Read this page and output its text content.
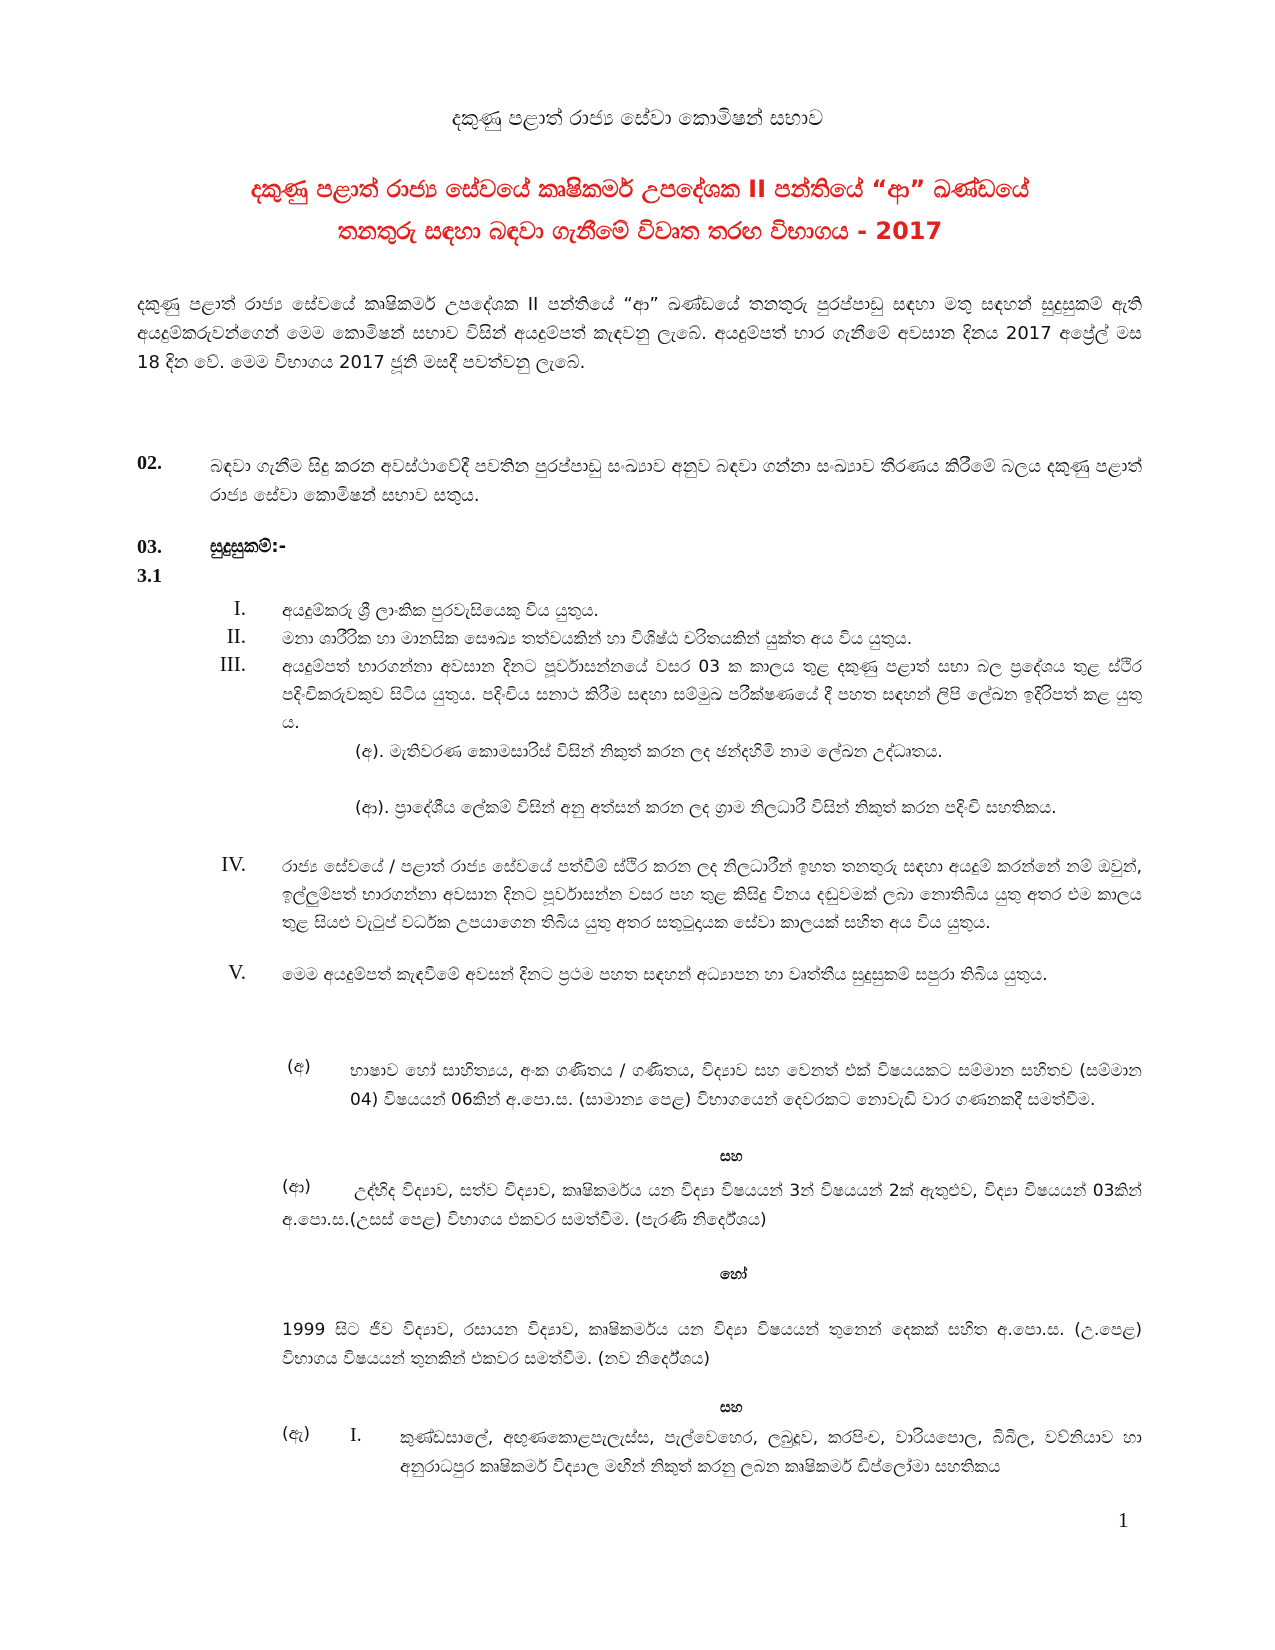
දකුණු පළාත් රාජ්‍ය සේවා කොමිෂන් සභාව
දකුණු පළාත් රාජ්‍ය සේවයේ කෘෂිකර්ම උපදේශක II පන්තියේ “ආ” ඛණ්ඩයේ
තනතුරු සඳහා බඳවා ගැනීමේ විවෘත තරඟ විභාගය - 2017
දකුණු පළාත් රාජ්‍ය සේවයේ කෘෂිකර්ම උපදේශක II පන්තියේ “ආ” ඛණ්ඩයේ තනතුරු පුරප්පාඩු සඳහා මතු සඳහන් සුදුසුකම් ඇති අයදුම්කරුවන්ගෙන් මෙම කොමිෂන් සභාව විසින් අයදුම්පත් කැඳවනු ලැබේ. අයදුම්පත් භාර ගැනීමේ අවසාන දිනය 2017 අප්‍රේල් මස 18 දින වේ. මෙම විභාගය 2017 ජූනි මසදී පවත්වනු ලැබේ.
02.	බඳවා ගැනීම සිදු කරන අවස්ථාවේදී පවතින පුරප්පාඩු සංඛ්‍යාව අනුව බඳවා ගන්නා සංඛ්‍යාව තීරණය කිරීමේ බලය දකුණු පළාත් රාජ්‍ය සේවා කොමිෂන් සභාව සතුය.
03.	සුදුසුකම්:-
3.1
I. අයදුම්කරු ශ්‍රී ලාංකික පුරවැසියෙකු විය යුතුය.
II. මනා ශාරීරික හා මානසික සෞඛ්‍ය තත්වයකින් හා විශිෂ්ඨ චරිතයකින් යුක්ත අය විය යුතුය.
III. අයදුම්පත් භාරගන්නා අවසාන දිනට පූර්වාසන්නයේ වසර 03 ක කාලය තුළ දකුණු පළාත් සභා බල ප්‍රදේශය තුළ ස්ථිර පදිංචිකරුවකුව සිටිය යුතුය. පදිංචිය සනාථ කිරීම සඳහා සම්මුඛ පරීක්ෂණයේ දී පහත සඳහන් ලිපි ලේඛන ඉදිරිපත් කළ යුතු ය.
(අ). මැතිවරණ කොමසාරිස් විසින් නිකුත් කරන ලද ඡන්දහිමි නාම ලේඛන උද්ධෘතය.
(ආ). ප්‍රාදේශීය ලේකම් විසින් අනු අත්සන් කරන ලද ග්‍රාම නිලධාරී විසින් නිකුත් කරන පදිංචි සහතිකය.
IV. රාජ්‍ය සේවයේ / පළාත් රාජ්‍ය සේවයේ පත්වීම් ස්ථිර කරන ලද නිලධාරීන් ඉහත තනතුරු සඳහා අයදුම් කරන්නේ නම් ඔවුන්, ඉල්ලුම්පත් භාරගන්නා අවසාන දිනට පූර්වාසන්න වසර පහ තුළ කිසිදු විනය දඬුවමක් ලබා නොතිබිය යුතු අතර එම කාලය තුළ සියළු වැටුප් වර්ධක උපයාගෙන තිබිය යුතු අතර සතුටුදායක සේවා කාලයක් සහිත අය විය යුතුය.
V. මෙම අයදුම්පත් කැඳවීමේ අවසන් දිනට ප්‍රථම පහත සඳහන් අධ්‍යාපන හා වෘත්තීය සුදුසුකම් සපුරා තිබිය යුතුය.
(අ) භාෂාව හෝ සාහිත්‍යය, අංක ගණිතය / ගණිතය, විද්‍යාව සහ වෙනත් එක් විෂයයකට සම්මාන සහිතව (සම්මාන 04) විෂයයන් 06කින් අ.පො.ස. (සාමාන්‍ය පෙළ) විභාගයෙන් දෙවරකට නොවැඩි වාර ගණනකදී සමත්වීම.
සහ
(ආ)	උද්භිද විද්‍යාව, සත්ව විද්‍යාව, කෘෂිකර්මය යන විද්‍යා විෂයයන් 3න් විෂයයන් 2ක් ඇතුළුව, විද්‍යා විෂයයන් 03කින් අ.පො.ස.(උසස් පෙළ) විභාගය එකවර සමත්වීම. (පැරණි නිර්දේශය)
හෝ
1999 සිට ජීව විද්‍යාව, රසායන විද්‍යාව, කෘෂිකර්මය යන විද්‍යා විෂයයන් තුනෙන් දෙකක් සහිත අ.පො.ස. (උ.පෙළ) විභාගය විෂයයන් තුනකින් එකවර සමත්වීම. (නව නිර්දේශය)
සහ
(ඇ) I. කුණ්ඩසාලේ, අඟුණකොළපැලැස්ස, පැල්වෙහෙර, ලබුදූව, කරපිංච, වාරියපොල, බිබිල, වව්නියාව හා අනුරාධපුර කෘෂිකර්ම විද්‍යාල මඟින් නිකුත් කරනු ලබන කෘෂිකර්ම ඩිප්ලෝමා සහතිකය
1
